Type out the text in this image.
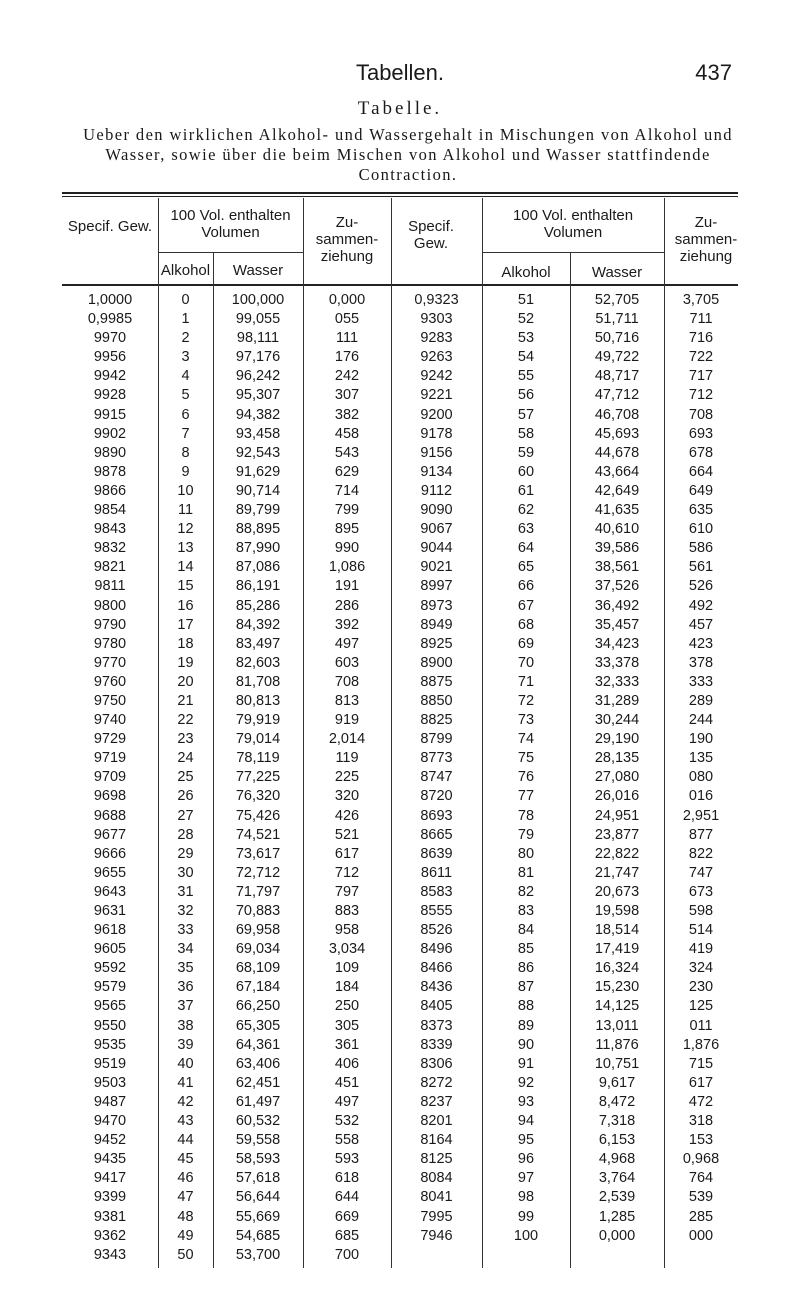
Tabellen.	437
Tabelle.
Ueber den wirklichen Alkohol- und Wassergehalt in Mischungen von Alkohol und Wasser, sowie über die beim Mischen von Alkohol und Wasser stattfindende Contraction.
Specif. Gew.
100 Vol. enthalten Volumen
Alkohol	Wasser
Zu- sammen- ziehung
Specif. Gew.
100 Vol. enthalten Volumen
Alkohol	Wasser
Zu- sammen- ziehung
1,0000	0	100,000	0,000	0,9323	51	52,705	3,705
0,9985	1	99,055	055	9303	52	51,711	711
9970	2	98,111	111	9283	53	50,716	716
9956	3	97,176	176	9263	54	49,722	722
9942	4	96,242	242	9242	55	48,717	717
9928	5	95,307	307	9221	56	47,712	712
9915	6	94,382	382	9200	57	46,708	708
9902	7	93,458	458	9178	58	45,693	693
9890	8	92,543	543	9156	59	44,678	678
9878	9	91,629	629	9134	60	43,664	664
9866	10	90,714	714	9112	61	42,649	649
9854	11	89,799	799	9090	62	41,635	635
9843	12	88,895	895	9067	63	40,610	610
9832	13	87,990	990	9044	64	39,586	586
9821	14	87,086	1,086	9021	65	38,561	561
9811	15	86,191	191	8997	66	37,526	526
9800	16	85,286	286	8973	67	36,492	492
9790	17	84,392	392	8949	68	35,457	457
9780	18	83,497	497	8925	69	34,423	423
9770	19	82,603	603	8900	70	33,378	378
9760	20	81,708	708	8875	71	32,333	333
9750	21	80,813	813	8850	72	31,289	289
9740	22	79,919	919	8825	73	30,244	244
9729	23	79,014	2,014	8799	74	29,190	190
9719	24	78,119	119	8773	75	28,135	135
9709	25	77,225	225	8747	76	27,080	080
9698	26	76,320	320	8720	77	26,016	016
9688	27	75,426	426	8693	78	24,951	2,951
9677	28	74,521	521	8665	79	23,877	877
9666	29	73,617	617	8639	80	22,822	822
9655	30	72,712	712	8611	81	21,747	747
9643	31	71,797	797	8583	82	20,673	673
9631	32	70,883	883	8555	83	19,598	598
9618	33	69,958	958	8526	84	18,514	514
9605	34	69,034	3,034	8496	85	17,419	419
9592	35	68,109	109	8466	86	16,324	324
9579	36	67,184	184	8436	87	15,230	230
9565	37	66,250	250	8405	88	14,125	125
9550	38	65,305	305	8373	89	13,011	011
9535	39	64,361	361	8339	90	11,876	1,876
9519	40	63,406	406	8306	91	10,751	715
9503	41	62,451	451	8272	92	9,617	617
9487	42	61,497	497	8237	93	8,472	472
9470	43	60,532	532	8201	94	7,318	318
9452	44	59,558	558	8164	95	6,153	153
9435	45	58,593	593	8125	96	4,968	0,968
9417	46	57,618	618	8084	97	3,764	764
9399	47	56,644	644	8041	98	2,539	539
9381	48	55,669	669	7995	99	1,285	285
9362	49	54,685	685	7946	100	0,000	000
9343	50	53,700	700
